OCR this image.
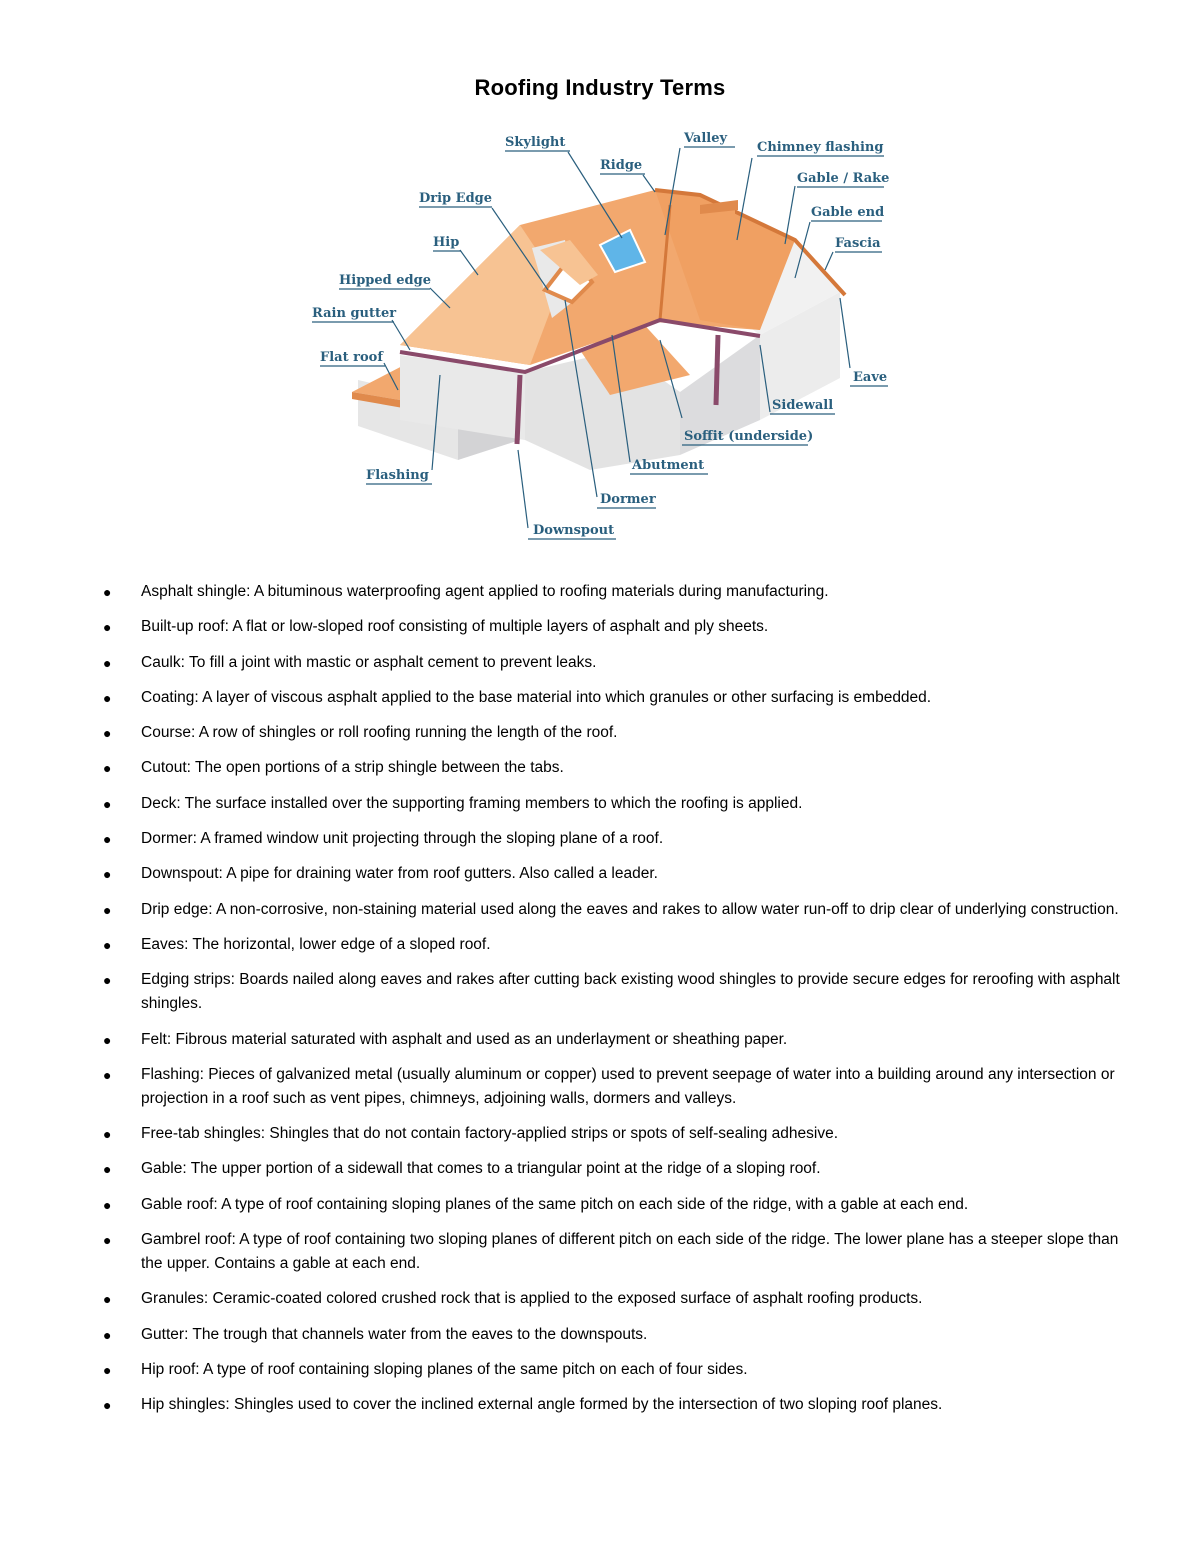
Roofing Industry Terms
Skylight	Valley
Chimney flashing
Ridge
Gable / Rake
Drip Edge
Gable end
Hip	Fascia
Hipped edge
Rain gutter
Flat roof
Eave
Sidewall
Soffit (underside)
Abutment
Flashing
Dormer
Downspout
● Asphalt shingle: A bituminous waterproofing agent applied to roofing materials during manufacturing.
● Built-up roof: A flat or low-sloped roof consisting of multiple layers of asphalt and ply sheets.
● Caulk: To fill a joint with mastic or asphalt cement to prevent leaks.
● Coating: A layer of viscous asphalt applied to the base material into which granules or other surfacing is embedded.
● Course: A row of shingles or roll roofing running the length of the roof.
● Cutout: The open portions of a strip shingle between the tabs.
● Deck: The surface installed over the supporting framing members to which the roofing is applied.
● Dormer: A framed window unit projecting through the sloping plane of a roof.
● Downspout: A pipe for draining water from roof gutters. Also called a leader.
● Drip edge: A non-corrosive, non-staining material used along the eaves and rakes to allow water run-off to drip clear of underlying construction.
● Eaves: The horizontal, lower edge of a sloped roof.
● Edging strips: Boards nailed along eaves and rakes after cutting back existing wood shingles to provide secure edges for reroofing with asphalt shingles.
● Felt: Fibrous material saturated with asphalt and used as an underlayment or sheathing paper.
● Flashing: Pieces of galvanized metal (usually aluminum or copper) used to prevent seepage of water into a building around any intersection or projection in a roof such as vent pipes, chimneys, adjoining walls, dormers and valleys.
● Free-tab shingles: Shingles that do not contain factory-applied strips or spots of self-sealing adhesive.
● Gable: The upper portion of a sidewall that comes to a triangular point at the ridge of a sloping roof.
● Gable roof: A type of roof containing sloping planes of the same pitch on each side of the ridge, with a gable at each end.
● Gambrel roof: A type of roof containing two sloping planes of different pitch on each side of the ridge. The lower plane has a steeper slope than the upper. Contains a gable at each end.
● Granules: Ceramic-coated colored crushed rock that is applied to the exposed surface of asphalt roofing products.
● Gutter: The trough that channels water from the eaves to the downspouts.
● Hip roof: A type of roof containing sloping planes of the same pitch on each of four sides.
● Hip shingles: Shingles used to cover the inclined external angle formed by the intersection of two sloping roof planes.
